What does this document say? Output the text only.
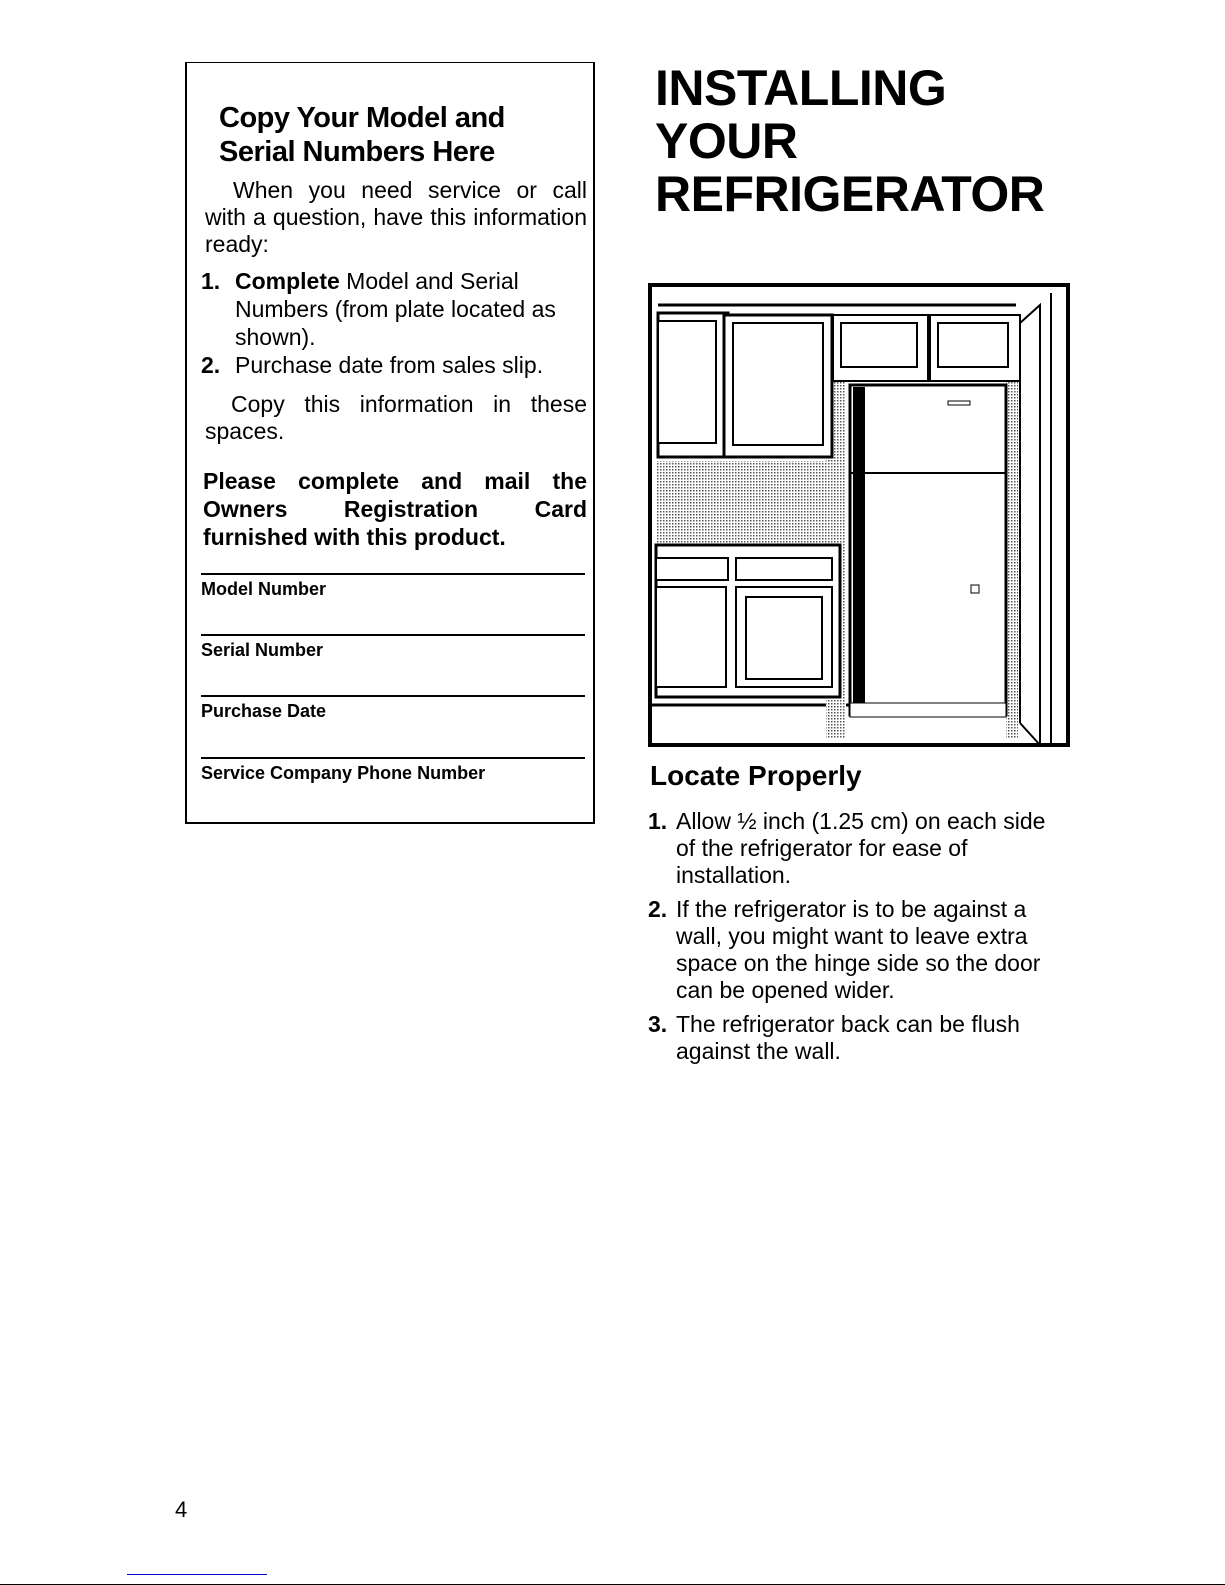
Copy Your Model and
Serial Numbers Here

When you need service or call with a question, have this information ready:

1. Complete Model and Serial Numbers (from plate located as shown).
2. Purchase date from sales slip.

Copy this information in these spaces.

Please complete and mail the Owners Registration Card furnished with this product.

Model Number
Serial Number
Purchase Date
Service Company Phone Number
INSTALLING
YOUR
REFRIGERATOR
Locate Properly
1. Allow ½ inch (1.25 cm) on each side of the refrigerator for ease of installation.
2. If the refrigerator is to be against a wall, you might want to leave extra space on the hinge side so the door can be opened wider.
3. The refrigerator back can be flush against the wall.
4
